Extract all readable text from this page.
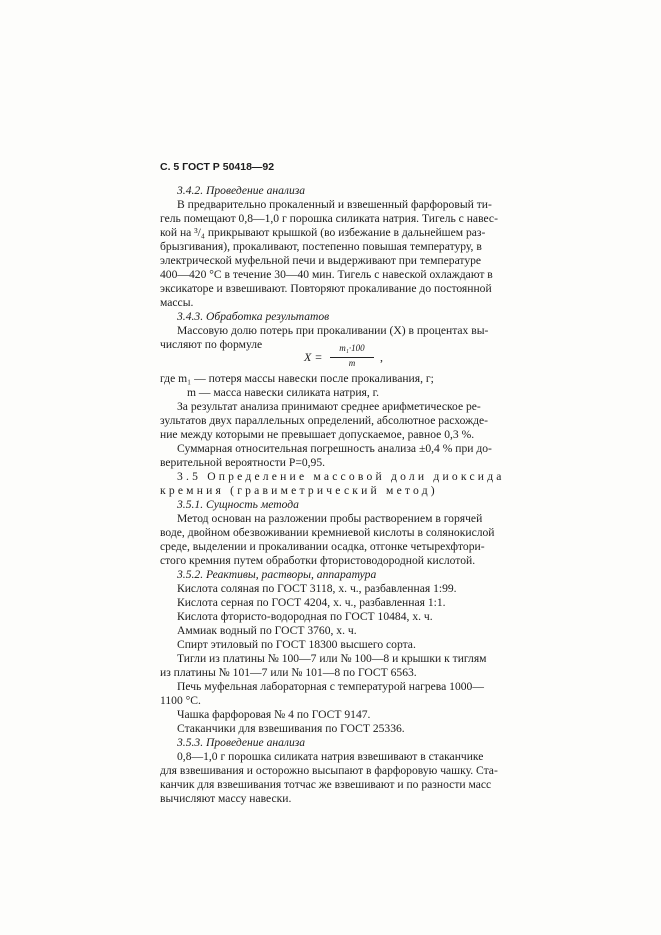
С. 5 ГОСТ Р 50418—92
3.4.2. Проведение анализа
В предварительно прокаленный и взвешенный фарфоровый ти-
гель помещают 0,8—1,0 г порошка силиката натрия. Тигель с навес-
кой на ³/₄ прикрывают крышкой (во избежание в дальнейшем раз-
брызгивания), прокаливают, постепенно повышая температуру, в
электрической муфельной печи и выдерживают при температуре
400—420 °С в течение 30—40 мин. Тигель с навеской охлаждают в
эксикаторе и взвешивают. Повторяют прокаливание до постоянной
массы.
3.4.3. Обработка результатов
Массовую долю потерь при прокаливании (X) в процентах вы-
числяют по формуле
X =
m₁·100
m	,
где m₁ — потеря массы навески после прокаливания, г;
m — масса навески силиката натрия, г.
За результат анализа принимают среднее арифметическое ре-
зультатов двух параллельных определений, абсолютное расхожде-
ние между которыми не превышает допускаемое, равное 0,3 %.
Суммарная относительная погрешность анализа ±0,4 % при до-
верительной вероятности Р=0,95.
3.5 Определение массовой доли диоксида
кремния (гравиметрический метод)
3.5.1. Сущность метода
Метод основан на разложении пробы растворением в горячей
воде, двойном обезвоживании кремниевой кислоты в солянокислой
среде, выделении и прокаливании осадка, отгонке четырехфтори-
стого кремния путем обработки фтористоводородной кислотой.
3.5.2. Реактивы, растворы, аппаратура
Кислота соляная по ГОСТ 3118, х. ч., разбавленная 1:99.
Кислота серная по ГОСТ 4204, х. ч., разбавленная 1:1.
Кислота фтористо-водородная по ГОСТ 10484, х. ч.
Аммиак водный по ГОСТ 3760, х. ч.
Спирт этиловый по ГОСТ 18300 высшего сорта.
Тигли из платины № 100—7 или № 100—8 и крышки к тиглям
из платины № 101—7 или № 101—8 по ГОСТ 6563.
Печь муфельная лабораторная с температурой нагрева 1000—
1100 °С.
Чашка фарфоровая № 4 по ГОСТ 9147.
Стаканчики для взвешивания по ГОСТ 25336.
3.5.3. Проведение анализа
0,8—1,0 г порошка силиката натрия взвешивают в стаканчике
для взвешивания и осторожно высыпают в фарфоровую чашку. Ста-
канчик для взвешивания тотчас же взвешивают и по разности масс
вычисляют массу навески.
